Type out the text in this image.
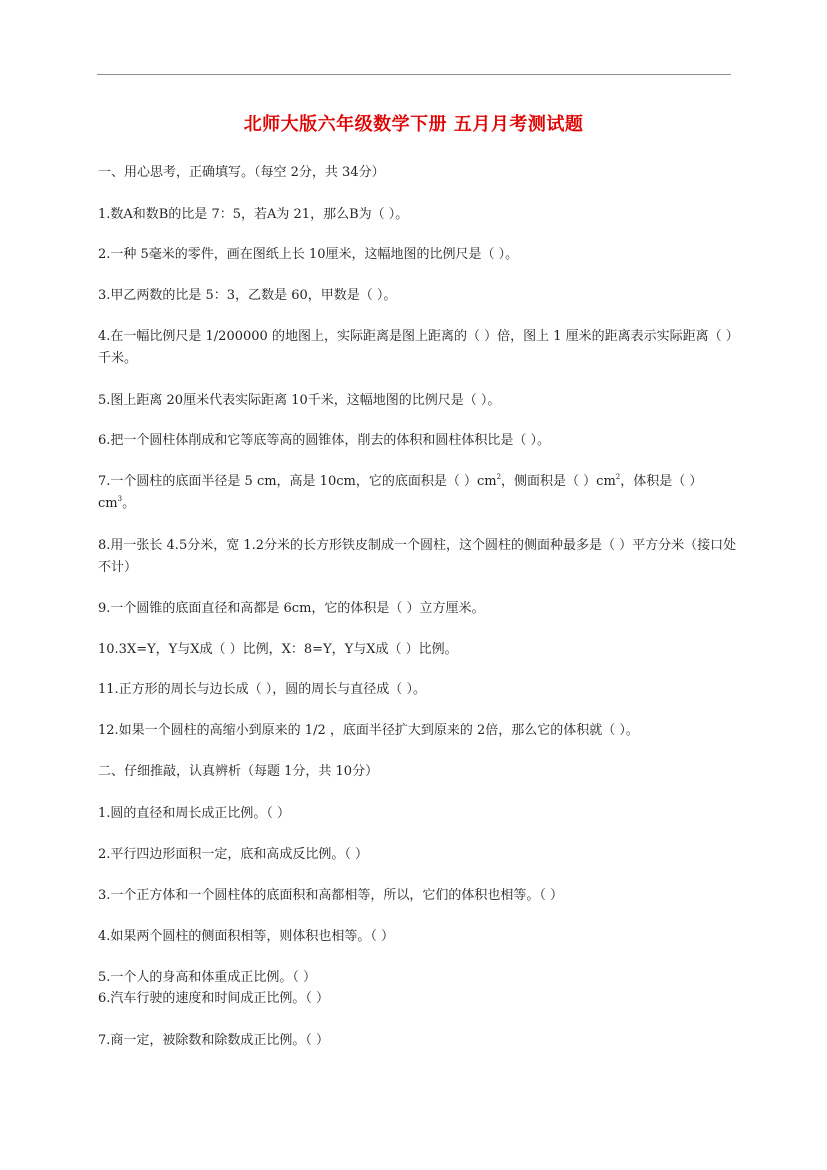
北师大版六年级数学下册 五月月考测试题
一、用心思考，正确填写。（每空 2分，共 34分）
1.数A和数B的比是 7：5，若A为 21，那么B为（ ）。
2.一种 5毫米的零件，画在图纸上长 10厘米，这幅地图的比例尺是（ ）。
3.甲乙两数的比是 5：3，乙数是 60，甲数是（ ）。
4.在一幅比例尺是 1/200000 的地图上，实际距离是图上距离的（ ）倍，图上 1 厘米的距离表示实际距离（ ）千米。
5.图上距离 20厘米代表实际距离 10千米，这幅地图的比例尺是（ ）。
6.把一个圆柱体削成和它等底等高的圆锥体，削去的体积和圆柱体积比是（ ）。
7.一个圆柱的底面半径是 5 cm，高是 10cm，它的底面积是（ ）$cm^2$，侧面积是（ ）$cm^2$，体积是（ ）$cm^3$。
8.用一张长 4.5分米，宽 1.2分米的长方形铁皮制成一个圆柱，这个圆柱的侧面种最多是（ ）平方分米（接口处不计）
9.一个圆锥的底面直径和高都是 6cm，它的体积是（ ）立方厘米。
10.3X=Y，Y与X成（ ）比例，X：8=Y，Y与X成（ ）比例。
11.正方形的周长与边长成（ ），圆的周长与直径成（ ）。
12.如果一个圆柱的高缩小到原来的 1/2 ，底面半径扩大到原来的 2倍，那么它的体积就（ ）。
二、仔细推敲，认真辨析（每题 1分，共 10分）
1.圆的直径和周长成正比例。（ ）
2.平行四边形面积一定，底和高成反比例。（ ）
3.一个正方体和一个圆柱体的底面积和高都相等，所以，它们的体积也相等。（ ）
4.如果两个圆柱的侧面积相等，则体积也相等。（ ）
5.一个人的身高和体重成正比例。（ ）
6.汽车行驶的速度和时间成正比例。（ ）
7.商一定，被除数和除数成正比例。（ ）
